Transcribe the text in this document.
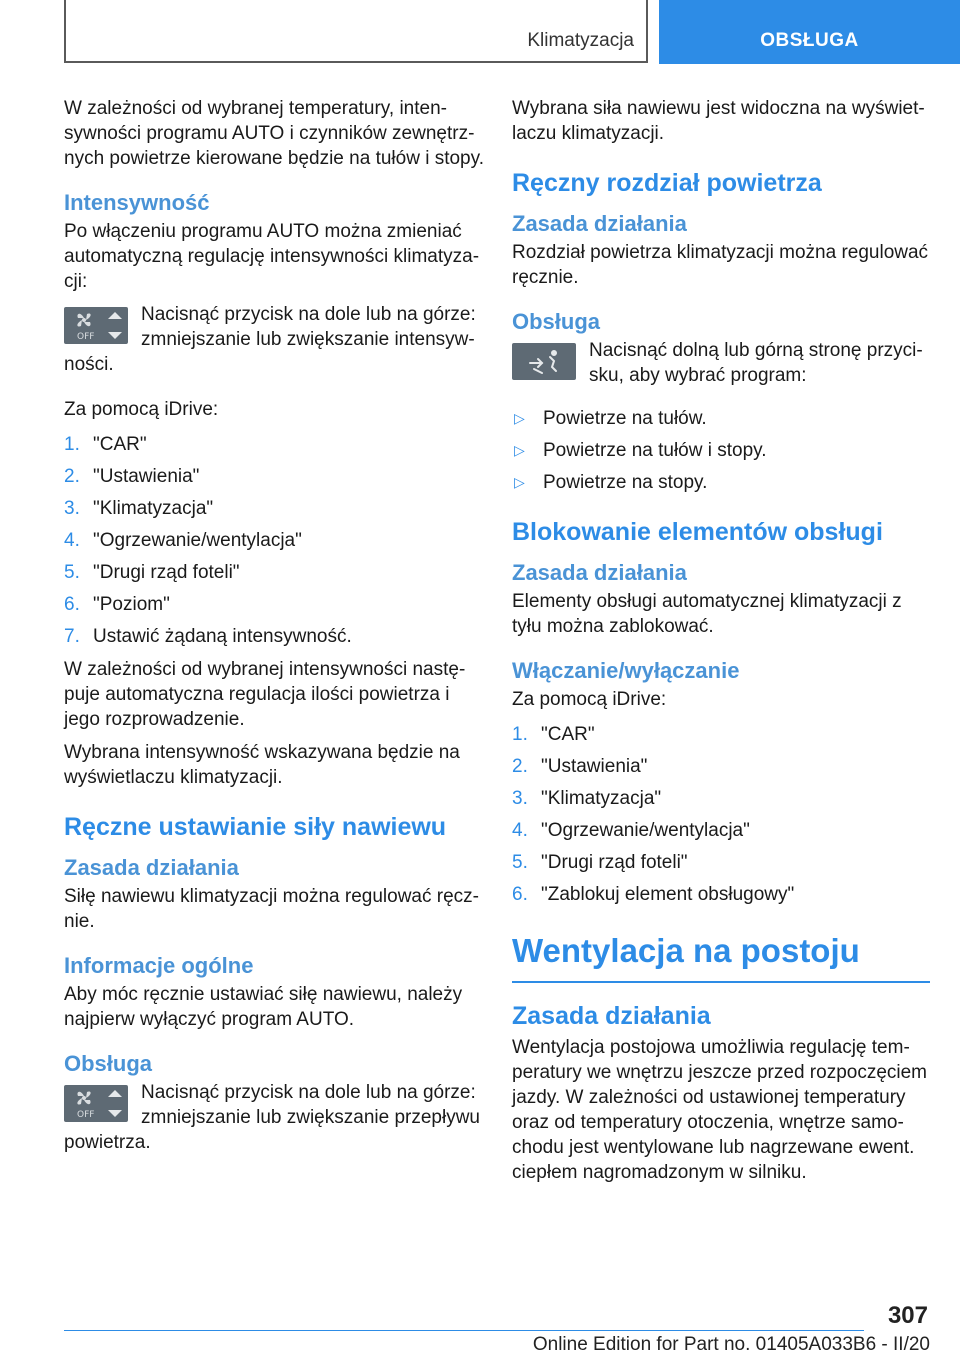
Klimatyzacja	OBSŁUGA

W zależności od wybranej temperatury, intensywności programu AUTO i czynników zewnętrznych powietrze kierowane będzie na tułów i stopy.

Intensywność

Po włączeniu programu AUTO można zmieniać automatyczną regulację intensywności klimatyzacji:

OFF

Nacisnąć przycisk na dole lub na górze: zmniejszanie lub zwiększanie intensywności.

Za pomocą iDrive:

1. "CAR"
2. "Ustawienia"
3. "Klimatyzacja"
4. "Ogrzewanie/wentylacja"
5. "Drugi rząd foteli"
6. "Poziom"
7. Ustawić żądaną intensywność.

W zależności od wybranej intensywności następuje automatyczna regulacja ilości powietrza i jego rozprowadzenie.

Wybrana intensywność wskazywana będzie na wyświetlaczu klimatyzacji.

Ręczne ustawianie siły nawiewu
Zasada działania

Siłę nawiewu klimatyzacji można regulować ręcznie.

Informacje ogólne

Aby móc ręcznie ustawiać siłę nawiewu, należy najpierw wyłączyć program AUTO.

Obsługa
OFF

Nacisnąć przycisk na dole lub na górze: zmniejszanie lub zwiększanie przepływu powietrza.

Wybrana siła nawiewu jest widoczna na wyświetlaczu klimatyzacji.

Ręczny rozdział powietrza
Zasada działania

Rozdział powietrza klimatyzacji można regulować ręcznie.

Obsługa

Nacisnąć dolną lub górną stronę przycisku, aby wybrać program:

▷ Powietrze na tułów.
▷ Powietrze na tułów i stopy.
▷ Powietrze na stopy.
Blokowanie elementów obsługi
Zasada działania

Elementy obsługi automatycznej klimatyzacji z tyłu można zablokować.

Włączanie/wyłączanie

Za pomocą iDrive:

1. "CAR"
2. "Ustawienia"
3. "Klimatyzacja"
4. "Ogrzewanie/wentylacja"
5. "Drugi rząd foteli"
6. "Zablokuj element obsługowy"
Wentylacja na postoju
Zasada działania

Wentylacja postojowa umożliwia regulację temperatury we wnętrzu jeszcze przed rozpoczęciem jazdy. W zależności od ustawionej temperatury oraz od temperatury otoczenia, wnętrze samochodu jest wentylowane lub nagrzewane ewent. ciepłem nagromadzonym w silniku.

307
Online Edition for Part no. 01405A033B6 - II/20
